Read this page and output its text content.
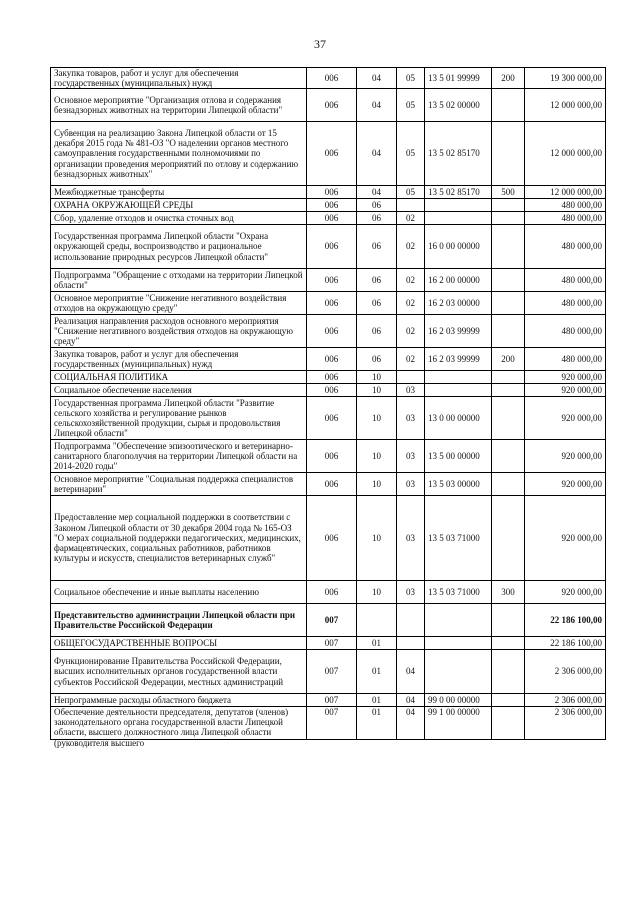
37
Закупка товаров, работ и услуг для обеспечения государственных (муниципальных) нужд	006	04	05	13 5 01 99999	200	19 300 000,00

Основное мероприятие "Организация отлова и содержания безнадзорных животных на территории Липецкой области"	006	04	05	13 5 02 00000		12 000 000,00

Субвенция на реализацию Закона Липецкой области от 15 декабря 2015 года № 481-ОЗ "О наделении органов местного самоуправления государственными полномочиями по организации проведения мероприятий по отлову и содержанию безнадзорных животных"	006	04	05	13 5 02 85170		12 000 000,00

Межбюджетные трансферты	006	04	05	13 5 02 85170	500	12 000 000,00

ОХРАНА ОКРУЖАЮЩЕЙ СРЕДЫ	006	06				480 000,00

Сбор, удаление отходов и очистка сточных вод	006	06	02			480 000,00

Государственная программа Липецкой области "Охрана окружающей среды, воспроизводство и рациональное использование природных ресурсов Липецкой области"	006	06	02	16 0 00 00000		480 000,00

Подпрограмма "Обращение с отходами на территории Липецкой области"	006	06	02	16 2 00 00000		480 000,00

Основное мероприятие "Снижение негативного воздействия отходов на окружающую среду"	006	06	02	16 2 03 00000		480 000,00

Реализация направления расходов основного мероприятия "Снижение негативного воздействия отходов на окружающую среду"	006	06	02	16 2 03 99999		480 000,00

Закупка товаров, работ и услуг для обеспечения государственных (муниципальных) нужд	006	06	02	16 2 03 99999	200	480 000,00

СОЦИАЛЬНАЯ ПОЛИТИКА	006	10				920 000,00

Социальное обеспечение населения	006	10	03			920 000,00

Государственная программа Липецкой области "Развитие сельского хозяйства и регулирование рынков сельскохозяйственной продукции, сырья и продовольствия Липецкой области"	006	10	03	13 0 00 00000		920 000,00

Подпрограмма "Обеспечение эпизоотического и ветеринарно-санитарного благополучия на территории Липецкой области на 2014-2020 годы"	006	10	03	13 5 00 00000		920 000,00

Основное мероприятие "Социальная поддержка специалистов ветеринарии"	006	10	03	13 5 03 00000		920 000,00

Предоставление мер социальной поддержки в соответствии с Законом Липецкой области от 30 декабря 2004 года № 165-ОЗ "О мерах социальной поддержки педагогических, медицинских, фармацевтических, социальных работников, работников культуры и искусств, специалистов ветеринарных служб"	006	10	03	13 5 03 71000		920 000,00

Социальное обеспечение и иные выплаты населению	006	10	03	13 5 03 71000	300	920 000,00

Представительство администрации Липецкой области при Правительстве Российской Федерации	007					22 186 100,00

ОБЩЕГОСУДАРСТВЕННЫЕ ВОПРОСЫ	007	01				22 186 100,00

Функционирование Правительства Российской Федерации, высших исполнительных органов государственной власти субъектов Российской Федерации, местных администраций	007	01	04			2 306 000,00

Непрограммные расходы областного бюджета	007	01	04	99 0 00 00000		2 306 000,00

Обеспечение деятельности председателя, депутатов (членов) законодательного органа государственной власти Липецкой области, высшего должностного лица Липецкой области (руководителя высшего	007	01	04	99 1 00 00000		2 306 000,00
